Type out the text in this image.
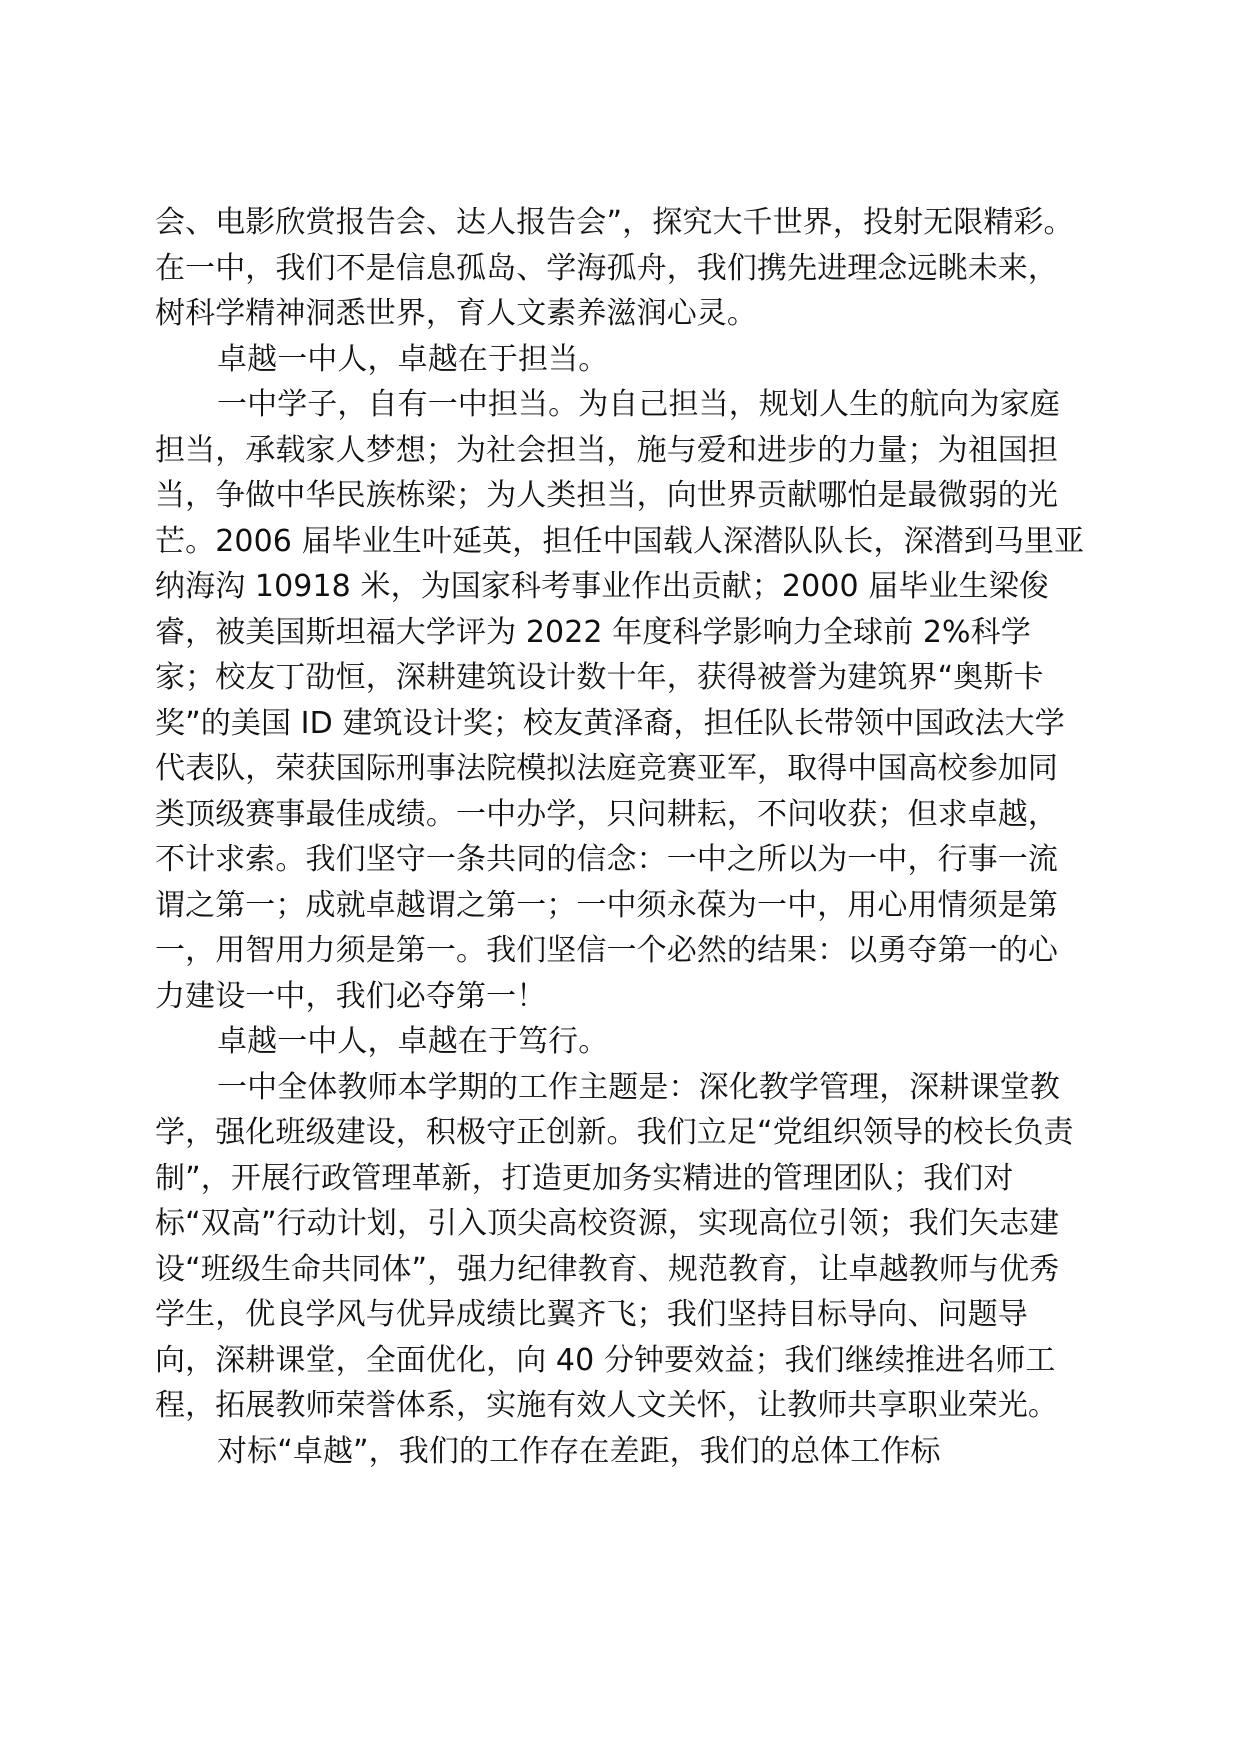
会、电影欣赏报告会、达人报告会”，探究大千世界，投射无限精彩。在一中，我们不是信息孤岛、学海孤舟，我们携先进理念远眺未来，树科学精神洞悉世界，育人文素养滋润心灵。

卓越一中人，卓越在于担当。

一中学子，自有一中担当。为自己担当，规划人生的航向为家庭担当，承载家人梦想；为社会担当，施与爱和进步的力量；为祖国担当，争做中华民族栋梁；为人类担当，向世界贡献哪怕是最微弱的光芒。2006 届毕业生叶延英，担任中国载人深潜队队长，深潜到马里亚纳海沟 10918 米，为国家科考事业作出贡献；2000 届毕业生梁俊睿，被美国斯坦福大学评为 2022 年度科学影响力全球前 2%科学家；校友丁劭恒，深耕建筑设计数十年，获得被誉为建筑界“奥斯卡奖”的美国 ID 建筑设计奖；校友黄泽裔，担任队长带领中国政法大学代表队，荣获国际刑事法院模拟法庭竞赛亚军，取得中国高校参加同类顶级赛事最佳成绩。一中办学，只问耕耘，不问收获；但求卓越，不计求索。我们坚守一条共同的信念：一中之所以为一中，行事一流谓之第一；成就卓越谓之第一；一中须永葆为一中，用心用情须是第一，用智用力须是第一。我们坚信一个必然的结果：以勇夺第一的心力建设一中，我们必夺第一！

卓越一中人，卓越在于笃行。

一中全体教师本学期的工作主题是：深化教学管理，深耕课堂教学，强化班级建设，积极守正创新。我们立足“党组织领导的校长负责制”，开展行政管理革新，打造更加务实精进的管理团队；我们对标“双高”行动计划，引入顶尖高校资源，实现高位引领；我们矢志建设“班级生命共同体”，强力纪律教育、规范教育，让卓越教师与优秀学生，优良学风与优异成绩比翼齐飞；我们坚持目标导向、问题导向，深耕课堂，全面优化，向 40 分钟要效益；我们继续推进名师工程，拓展教师荣誉体系，实施有效人文关怀，让教师共享职业荣光。

对标“卓越”，我们的工作存在差距，我们的总体工作标
